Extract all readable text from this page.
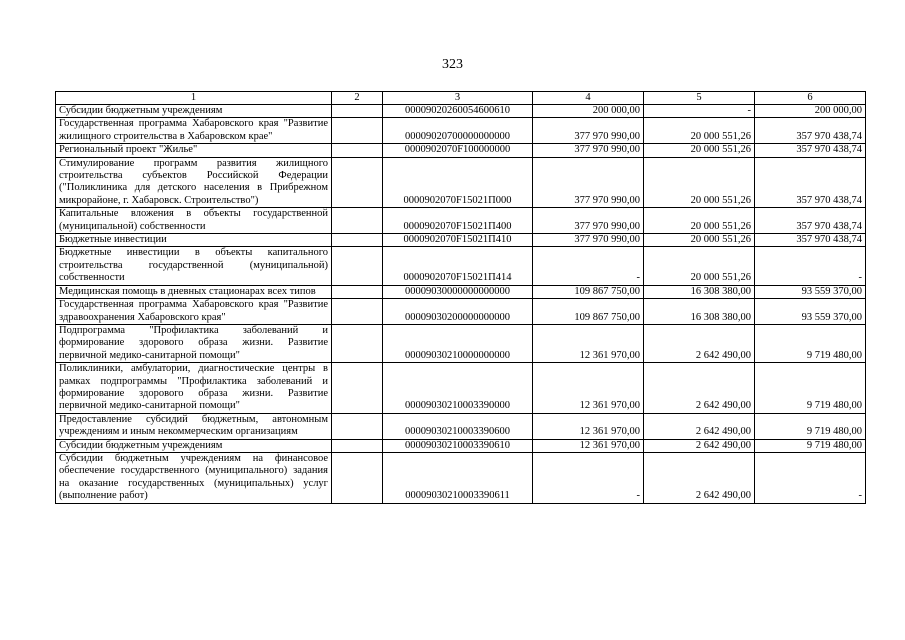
323
1	2	3	4	5	6
Субсидии бюджетным учреждениям		00009020260054600610	200 000,00	-	200 000,00
Государственная программа Хабаровского края "Развитие жилищного строительства в Хабаровском крае"		00009020700000000000	377 970 990,00	20 000 551,26	357 970 438,74
Региональный проект "Жилье"		0000902070F100000000	377 970 990,00	20 000 551,26	357 970 438,74
Стимулирование программ развития жилищного строительства субъектов Российской Федерации ("Поликлиника для детского населения в Прибрежном микрорайоне, г. Хабаровск. Строительство")		0000902070F15021П000	377 970 990,00	20 000 551,26	357 970 438,74
Капитальные вложения в объекты государственной (муниципальной) собственности		0000902070F15021П400	377 970 990,00	20 000 551,26	357 970 438,74
Бюджетные инвестиции		0000902070F15021П410	377 970 990,00	20 000 551,26	357 970 438,74
Бюджетные инвестиции в объекты капитального строительства государственной (муниципальной) собственности		0000902070F15021П414	-	20 000 551,26	-
Медицинская помощь в дневных стационарах всех типов		00009030000000000000	109 867 750,00	16 308 380,00	93 559 370,00
Государственная программа Хабаровского края "Развитие здравоохранения Хабаровского края"		00009030200000000000	109 867 750,00	16 308 380,00	93 559 370,00
Подпрограмма "Профилактика заболеваний и формирование здорового образа жизни. Развитие первичной медико-санитарной помощи"		00009030210000000000	12 361 970,00	2 642 490,00	9 719 480,00
Поликлиники, амбулатории, диагностические центры в рамках подпрограммы "Профилактика заболеваний и формирование здорового образа жизни. Развитие первичной медико-санитарной помощи"		00009030210003390000	12 361 970,00	2 642 490,00	9 719 480,00
Предоставление субсидий бюджетным, автономным учреждениям и иным некоммерческим организациям		00009030210003390600	12 361 970,00	2 642 490,00	9 719 480,00
Субсидии бюджетным учреждениям		00009030210003390610	12 361 970,00	2 642 490,00	9 719 480,00
Субсидии бюджетным учреждениям на финансовое обеспечение государственного (муниципального) задания на оказание государственных (муниципальных) услуг (выполнение работ)		00009030210003390611	-	2 642 490,00	-
